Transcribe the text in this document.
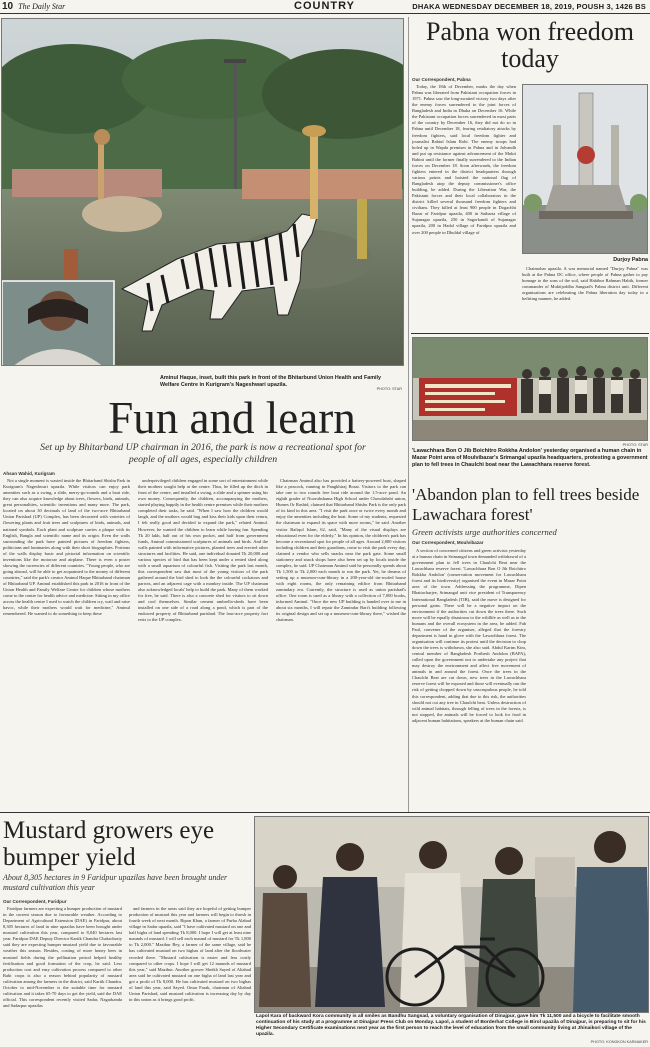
10 The Daily Star	COUNTRY	DHAKA WEDNESDAY DECEMBER 18, 2019, POUSH 3, 1426 BS
Aminul Haque, inset, built this park in front of the Bhitarbund Union Health and Family Welfare Centre in Kurigram's Nageshwari upazila.
PHOTO: STAR
Fun and learn
Set up by Bhitarband UP chairman in 2016, the park is now a recreational spot for people of all ages, especially children
Ahsan Wahid, Kurigram

Not a single moment is wasted inside the Bhitarband Shishu Park in Kurigram's Nageshwari upazila. While visitors can enjoy park amenities such as a swing, a slide, merry-go-rounds and a boat ride, they can also acquire knowledge about trees, flowers, birds, animals, great personalities, scientific inventions and many more. The park, located on about 30 decimals of land of the two-acre Bhitarband Union Parishad (UP) Complex, has been decorated with varieties of flowering plants and fruit trees and sculptures of birds, animals, and national symbols. Each plant and sculpture carries a plaque with its English, Bangla and scientific name and its origin. Even the walls surrounding the park have painted pictures of freedom fighters, politicians and luminaries along with their short biographies. Portions of the walls display basic and pictorial information on scientific inventions like the motorcar and airplane. There is even a poster showing the currencies of different countries. "Young people, who are going abroad, will be able to get acquainted to the money of different countries," said the park's creator Aminul Haque Bhitarband chairman of Bhitarband UP. Aminul established this park in 2016 in front of the Union Health and Family Welfare Centre for children whose mothers come to the centre for health advice and medicine. Sitting in my office across the health centre I used to watch the children cry, wail and raise havoc, while their mothers would wait for medicine," Aminul remembered. He wanted to do something to keep these

underprivileged children engaged in some sort of entertainment while their mothers sought help at the centre. Thus, he filled up the ditch in front of the centre, and installed a swing, a slide and a spinner using his own money. Consequently, the children, accompanying the mothers, started playing happily in the health centre premises while their mothers completed their tasks, he said. "When I saw how the children would laugh, and the mothers would hug and kiss their kids upon their return, I felt really good and decided to expand the park," related Aminul. However, he wanted the children to learn while having fun. Spending Tk 20 lakh, half out of his own pocket, and half from government funds, Aminul commissioned sculptures of animals and birds. And the walls painted with informative pictures, planted trees and erected other structures and facilities. He said, one individual donated Tk 20,000 and various species of bird that has been kept under a rented shed along with a small aquarium of colourful fish. Visiting the park last month, this correspondent saw that most of the young visitors of the park gathered around the bird shed to look the the colourful cockatoos and parrots, and an adjacent cage with a monkey inside. The UP chairman also acknowledged locals' help to build the park. Many of them worked for free, he said. There is also a concrete shed for visitors to sit down and cool themselves. Similar cement umbrella-sheds have been installed on one side of a road along a pond, which is part of the endowed property of Bhitarband parishad. The four-acre property fact rests to the UP complex.

Chairman Aminul also has provided a battery-powered boat, shaped like a peacock, running in Pangkhiraj Bosat. Visitors to the park can take one to two rounds free boat ride around the 1.5-acre pond. An eighth grader of Nooruhshama High School under Chowdahshi union, Humes Or Rashid, claimed that Bhitarband Shishu Park is the only park of its kind in this area. "I visit the park once or twice every month and enjoy the amenities including the boat. Some of my students, requested the chairman to expand its space with more rooms," he said. Another visitor Rafiqul Islam, 62, said, "Many of the visual displays are educational even for the elderly." In his opinion, the children's park has become a recreational spot for people of all ages. Around 2,000 visitors including children and their guardians, come to visit the park every day, claimed a vendor who sells snacks near the park gate. Some small stationery and snack shops have also been set up by locals inside the complex, he said. UP Chairman Aminul said he personally spends about Tk 1,500 to Tk 2,000 each month to run the park. Yet, he dreams of setting up a museum-cum-library in a 200-year-old tin-roofed house with eight rooms, the only remaining edifice from Bhitarband zamindary era. Currently, the structure is used as union parishad's office. One room is used as a library with a collection of 7,000 books, informed Aminul. "Once the new UP building is handed over to me in about six months, I will repair the Zamindar Bari's building following its original design and set up a museum-cum-library there," wished the chairman.

Pabna won freedom today
Our Correspondent, Pabna

Today, the 18th of December, marks the day when Pabna was liberated from Pakistani occupation forces in 1971. Pabna saw the long-awaited victory two days after the enemy forces surrendered to the joint forces of Bangladesh and India in Dhaka on December 16. While the Pakistani occupation forces surrendered in most parts of the country by December 16, they did not do so in Pabna until December 18, fearing retaliatory attacks by freedom fighters, said local freedom fighter and journalist Rabiul Islam Robi. The enemy troops had holed up in Wapda premises in Pabna and in Jalvandh and put up resistance against advancement of the Mukti Bahini until the former finally surrendered to the Indian forces on December 18. Soon afterwards, the freedom fighters entered in the district headquarters through various points and hoisted the national flag of Bangladesh atop the deputy commissioner's office building, he added. During the Liberation War, the Pakistani forces and their local collaborators in the district killed several thousand freedom fighters and civilians. They killed at least 900 people in Dogachhi Bazar of Faridpur upazila, 400 in Satbaria village of Sujanagar upazila, 250 in Sagorkandi of Sujanagar upazila, 200 in Hadal village of Faridpur upazila and over 200 people in Dhuldal village of

Durjoy Pabna

Chatmohar upazila. A war memorial named "Durjoy Pabna" was built at the Pabna DC office, where people of Pabna gather to pay homage to the sons of the soil, said Habibur Rahman Habib, former commander of Muktijoddha Sangsad's Pabna district unit. Different organisations are celebrating the Pabna liberation day today in a befitting manner, he added.

PHOTO: STAR
'Lawachhara Bon O Jib Boichitro Rokkha Andolon' yesterday organised a human chain in Mazar Point area of Moulvibazar's Srimangal upazila headquarters, protesting a government plan to fell trees in Chaulchi boat near the Lawachhara reserve forest.
'Abandon plan to fell trees beside Lawachara forest'
Green activists urge authorities concerned
Our Correspondent, Moulvibazar

A section of concerned citizens and green activists yesterday at a human chain in Srimangal town demanded withdrawal of a government plan to fell trees in Chaulchi Beat near the Lawachhara reserve forest. 'Lawachhara Bon O Jib Boichitro Rokkha Andolon' (conservation movement for Lawachhara forest and its biodiversity) organised the event in Mazar Point area of the town. Addressing the programme, Dipen Bhattacharjee, Srimangal unit vice president of Transparency International Bangladesh (TIB), said the move is designed for personal gains. There will be a negative impact on the environment if the authorities cut down the trees there. Such move will be equally disastrous to the wildlife as well as to the humans and the overall ecosystem in the area, he added. Fab Paul, convener of the organiser, alleged that the forestry department is hand in glove with the Lawachhara forest. The organisation will continue its protest until the decision to chop down the trees is withdrawn, she also said. Abdul Karim Kim, central member of Bangladesh Poribesh Andolon (BAPA), called upon the government not to undertake any project that may destroy the environment and affect free movement of animals in and around the forest. Once the trees in the Chaulchi Beat are cut down, new trees in the Lawachhara reserve forest will be exposed and those will eventually run the risk of getting chopped down by unscrupulous people, he told this correspondent, adding that due to this risk, the authorities should not cut any tree in Chaulchi beat. Unless destruction of wild animal habitats, through felling of trees in the forests, is not stopped, the animals will be forced to look for food in adjacent human habitations, speakers at the human chain said.

Mustard growers eye bumper yield
About 8,305 hectares in 9 Faridpur upazilas have been brought under mustard cultivation this year
Our Correspondent, Faridpur

Faridpur farmers are expecting a bumper production of mustard in the current season due to favourable weather. According to Department of Agricultural Extension (DAE) in Faridpur, about 8,305 hectares of land in nine upazilas have been brought under mustard cultivation this year, compared to 8,040 hectares last year. Faridpur DAE Deputy Director Kartik Chandra Chakroborty said they are expecting bumper mustard yield due to favourable weather this season. Besides, costing of more honey bees in mustard fields during the pollination period helped healthy fertilisation and good formation of the crop, he said. Less production cost and easy cultivation process compared to other Rabi crops is also a reason behind popularity of mustard cultivation among the farmers in the district, said Kartik Chandra. October to mid-November is the suitable time for mustard cultivation and it takes 65-70 days to get the yield, said the DAE official. This correspondent recently visited Sadar, Nagarkanda and Sadarpur upazilas

and farmers in the areas said they are hopeful of getting bumper production of mustard this year and farmers will begin to thresh in fourth week of next month. Ripon Khan, a farmer of Purba Alabad village in Sadar upazila, said "I have cultivated mustard on one and half bigha of land spending Tk 8,000. I hope I will get at least nine maunds of mustard. I will sell each maund of mustard for Tk 1,800 to Tk 2,000." Mazibur Bey, a farmer of the same village, said he has cultivated mustard on two bighas of land after the floodwater receded there. "Mustard cultivation is easier and less costly compared to other crops. I hope I will get 12 maunds of mustard this year," said Mazibur. Another grower Sheikh Sayed of Aliabad area said he cultivated mustard on one bigha of land last year and got a profit of Tk 8,000. He has cultivated mustard on two bighas of land this year, said Sayed. Omar Farak, chairman of Aliabad Union Parishad, said mustard cultivation is increasing day by day in this union as it brings good profit.

Lapol Kara of backward Kora community is all smiles as Bandhu Sangsad, a voluntary organisation of Dinajpur, gave him Tk 11,500 and a bicycle to facilitate smooth continuation of his study at a programme at Dinajpur Press Club on Monday. Lapol, a student of Borderhat College in Birol upazila of Dinajpur, is preparing to sit for his Higher Secondary Certificate examinations next year as the first person to reach the level of education from the small community living at Jhinaikori village of the upazila.
PHOTO: KONGKON KARMAKER
